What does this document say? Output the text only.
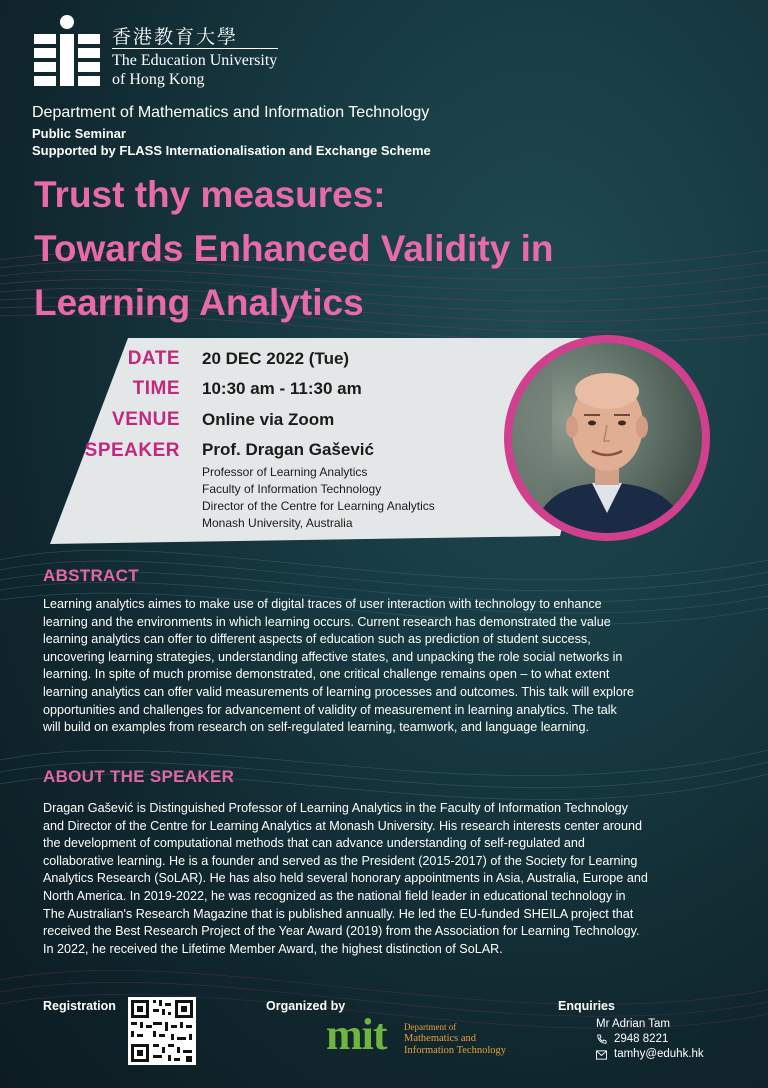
香港教育大學
The Education University
of Hong Kong
Department of Mathematics and Information Technology
Public Seminar
Supported by FLASS Internationalisation and Exchange Scheme
Trust thy measures:
Towards Enhanced Validity in
Learning Analytics
DATE 20 DEC 2022 (Tue)
TIME 10:30 am - 11:30 am
VENUE Online via Zoom
SPEAKER Prof. Dragan Gašević
Professor of Learning Analytics
Faculty of Information Technology
Director of the Centre for Learning Analytics
Monash University, Australia
ABSTRACT
Learning analytics aimes to make use of digital traces of user interaction with technology to enhance
learning and the environments in which learning occurs. Current research has demonstrated the value
learning analytics can offer to different aspects of education such as prediction of student success,
uncovering learning strategies, understanding affective states, and unpacking the role social networks in
learning. In spite of much promise demonstrated, one critical challenge remains open – to what extent
learning analytics can offer valid measurements of learning processes and outcomes. This talk will explore
opportunities and challenges for advancement of validity of measurement in learning analytics. The talk
will build on examples from research on self-regulated learning, teamwork, and language learning.
ABOUT THE SPEAKER
Dragan Gašević is Distinguished Professor of Learning Analytics in the Faculty of Information Technology
and Director of the Centre for Learning Analytics at Monash University. His research interests center around
the development of computational methods that can advance understanding of self-regulated and
collaborative learning. He is a founder and served as the President (2015-2017) of the Society for Learning
Analytics Research (SoLAR). He has also held several honorary appointments in Asia, Australia, Europe and
North America. In 2019-2022, he was recognized as the national field leader in educational technology in
The Australian's Research Magazine that is published annually. He led the EU-funded SHEILA project that
received the Best Research Project of the Year Award (2019) from the Association for Learning Technology.
In 2022, he received the Lifetime Member Award, the highest distinction of SoLAR.
Registration	Organized by
mit Department of
Mathematics and
Information Technology
Enquiries
Mr Adrian Tam
2948 8221
tamhy@eduhk.hk
